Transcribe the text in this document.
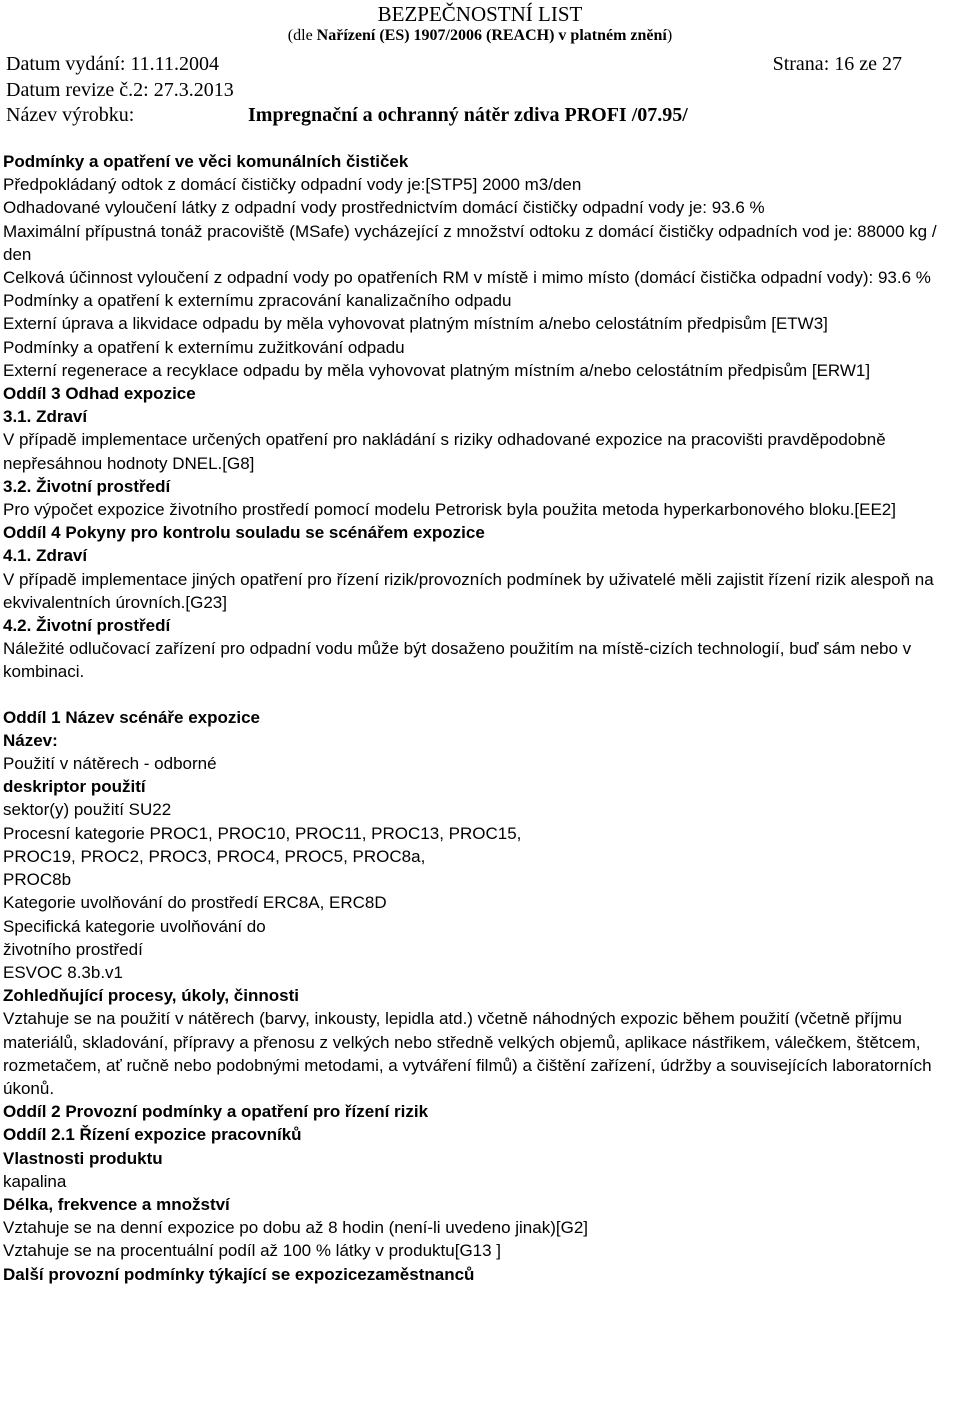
BEZPEČNOSTNÍ LIST
(dle Nařízení (ES) 1907/2006 (REACH) v platném znění)
Datum vydání: 11.11.2004	Strana: 16 ze 27
Datum revize č.2: 27.3.2013
Název výrobku:	Impregnační a ochranný nátěr zdiva PROFI /07.95/

Podmínky a opatření ve věci komunálních čističek

Předpokládaný odtok z domácí čističky odpadní vody je:[STP5] 2000 m3/den

Odhadované vyloučení látky z odpadní vody prostřednictvím domácí čističky odpadní vody je: 93.6 %

Maximální přípustná tonáž pracoviště (MSafe) vycházející z množství odtoku z domácí čističky odpadních vod je: 88000 kg / den

Celková účinnost vyloučení z odpadní vody po opatřeních RM v místě i mimo místo (domácí čistička odpadní vody): 93.6 %

Podmínky a opatření k externímu zpracování kanalizačního odpadu

Externí úprava a likvidace odpadu by měla vyhovovat platným místním a/nebo celostátním předpisům [ETW3]

Podmínky a opatření k externímu zužitkování odpadu

Externí regenerace a recyklace odpadu by měla vyhovovat platným místním a/nebo celostátním předpisům [ERW1]

Oddíl 3 Odhad expozice

3.1. Zdraví

V případě implementace určených opatření pro nakládání s riziky odhadované expozice na pracovišti pravděpodobně nepřesáhnou hodnoty DNEL.[G8]

3.2. Životní prostředí

Pro výpočet expozice životního prostředí pomocí modelu Petrorisk byla použita metoda hyperkarbonového bloku.[EE2]

Oddíl 4 Pokyny pro kontrolu souladu se scénářem expozice

4.1. Zdraví

V případě implementace jiných opatření pro řízení rizik/provozních podmínek by uživatelé měli zajistit řízení rizik alespoň na ekvivalentních úrovních.[G23]

4.2. Životní prostředí

Náležité odlučovací zařízení pro odpadní vodu může být dosaženo použitím na místě-cizích technologií, buď sám nebo v kombinaci.

Oddíl 1 Název scénáře expozice

Název:

Použití v nátěrech - odborné

deskriptor použití

sektor(y) použití SU22

Procesní kategorie PROC1, PROC10, PROC11, PROC13, PROC15,

PROC19, PROC2, PROC3, PROC4, PROC5, PROC8a,

PROC8b

Kategorie uvolňování do prostředí ERC8A, ERC8D

Specifická kategorie uvolňování do

životního prostředí

ESVOC 8.3b.v1

Zohledňující procesy, úkoly, činnosti

Vztahuje se na použití v nátěrech (barvy, inkousty, lepidla atd.) včetně náhodných expozic během použití (včetně příjmu materiálů, skladování, přípravy a přenosu z velkých nebo středně velkých objemů, aplikace nástřikem, válečkem, štětcem, rozmetačem, ať ručně nebo podobnými metodami, a vytváření filmů) a čištění zařízení, údržby a souvisejících laboratorních úkonů.

Oddíl 2 Provozní podmínky a opatření pro řízení rizik

Oddíl 2.1 Řízení expozice pracovníků

Vlastnosti produktu

kapalina

Délka, frekvence a množství

Vztahuje se na denní expozice po dobu až 8 hodin (není-li uvedeno jinak)[G2]

Vztahuje se na procentuální podíl až 100 % látky v produktu[G13 ]

Další provozní podmínky týkající se expozicezaměstnanců
